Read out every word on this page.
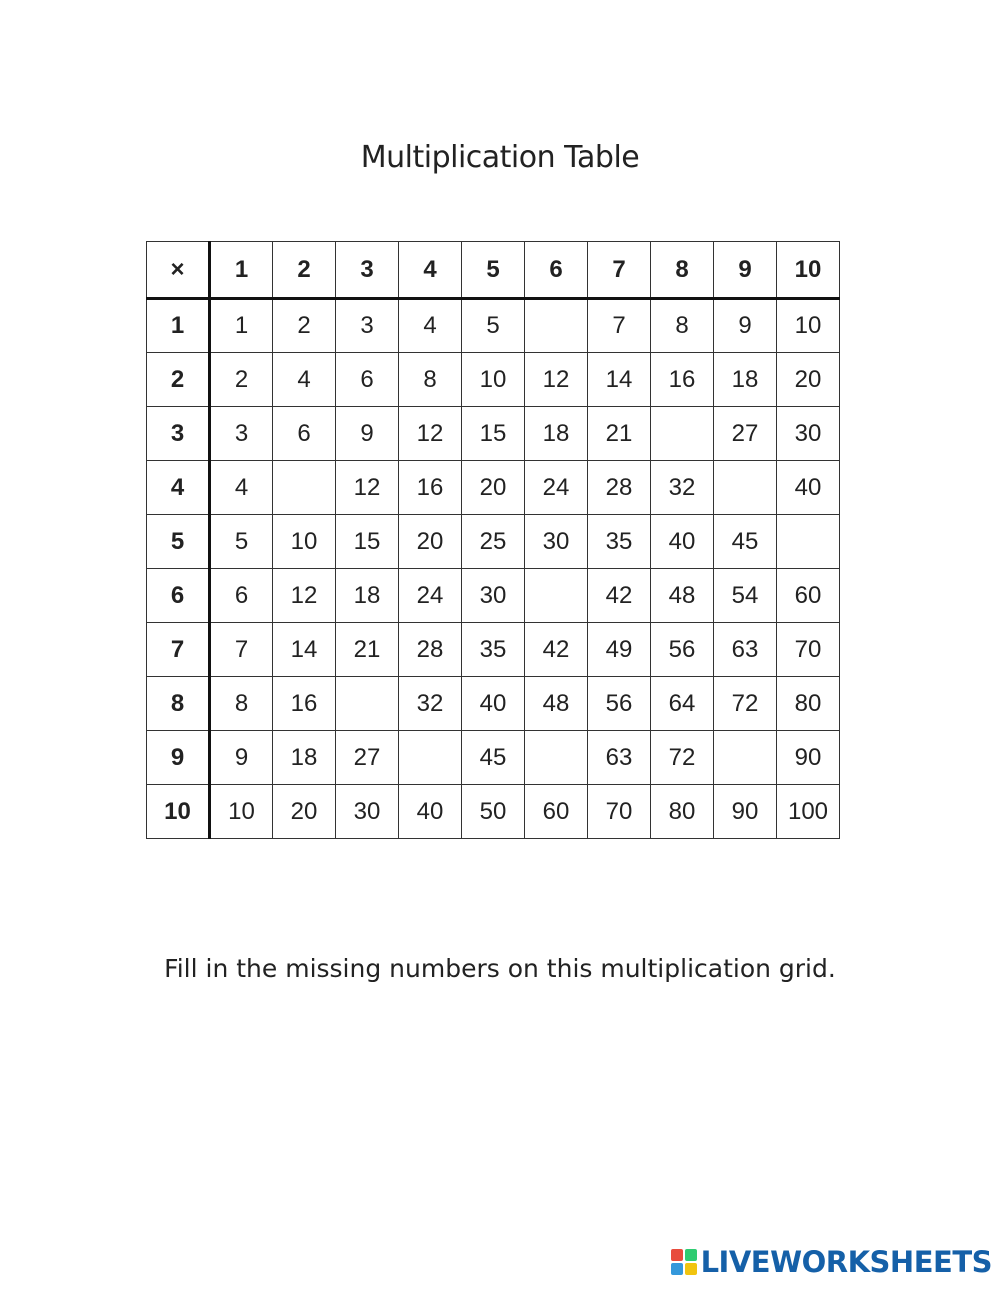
Multiplication Table
×	1	2	3	4	5	6	7	8	9	10
1	1	2	3	4	5		7	8	9	10
2	2	4	6	8	10	12	14	16	18	20
3	3	6	9	12	15	18	21		27	30
4	4		12	16	20	24	28	32		40
5	5	10	15	20	25	30	35	40	45	
6	6	12	18	24	30		42	48	54	60
7	7	14	21	28	35	42	49	56	63	70
8	8	16		32	40	48	56	64	72	80
9	9	18	27		45		63	72		90
10	10	20	30	40	50	60	70	80	90	100
Fill in the missing numbers on this multiplication grid.
LIVEWORKSHEETS
